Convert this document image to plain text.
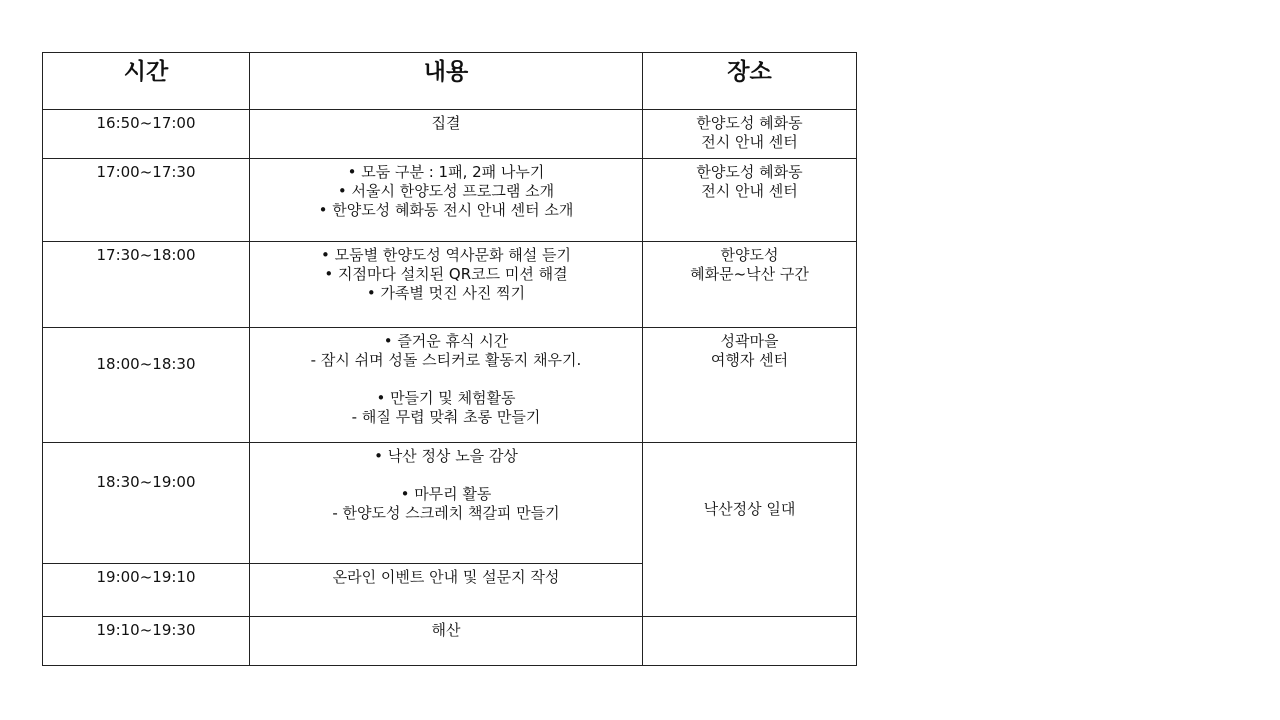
시간	내용	장소

16:50~17:00	집결	한양도성 혜화동
전시 안내 센터

17:00~17:30	• 모둠 구분 : 1패, 2패 나누기
• 서울시 한양도성 프로그램 소개
• 한양도성 혜화동 전시 안내 센터 소개	한양도성 혜화동
전시 안내 센터

17:30~18:00	• 모둠별 한양도성 역사문화 해설 듣기
• 지점마다 설치된 QR코드 미션 해결
• 가족별 멋진 사진 찍기	한양도성
혜화문~낙산 구간

18:00~18:30	• 즐거운 휴식 시간
- 잠시 쉬며 성돌 스티커로 활동지 채우기.
• 만들기 및 체험활동
- 해질 무렵 맞춰 초롱 만들기	성곽마을
여행자 센터

18:30~19:00	• 낙산 정상 노을 감상
• 마무리 활동
- 한양도성 스크레치 책갈피 만들기	낙산정상 일대

19:00~19:10	온라인 이벤트 안내 및 설문지 작성	

19:10~19:30	해산	
